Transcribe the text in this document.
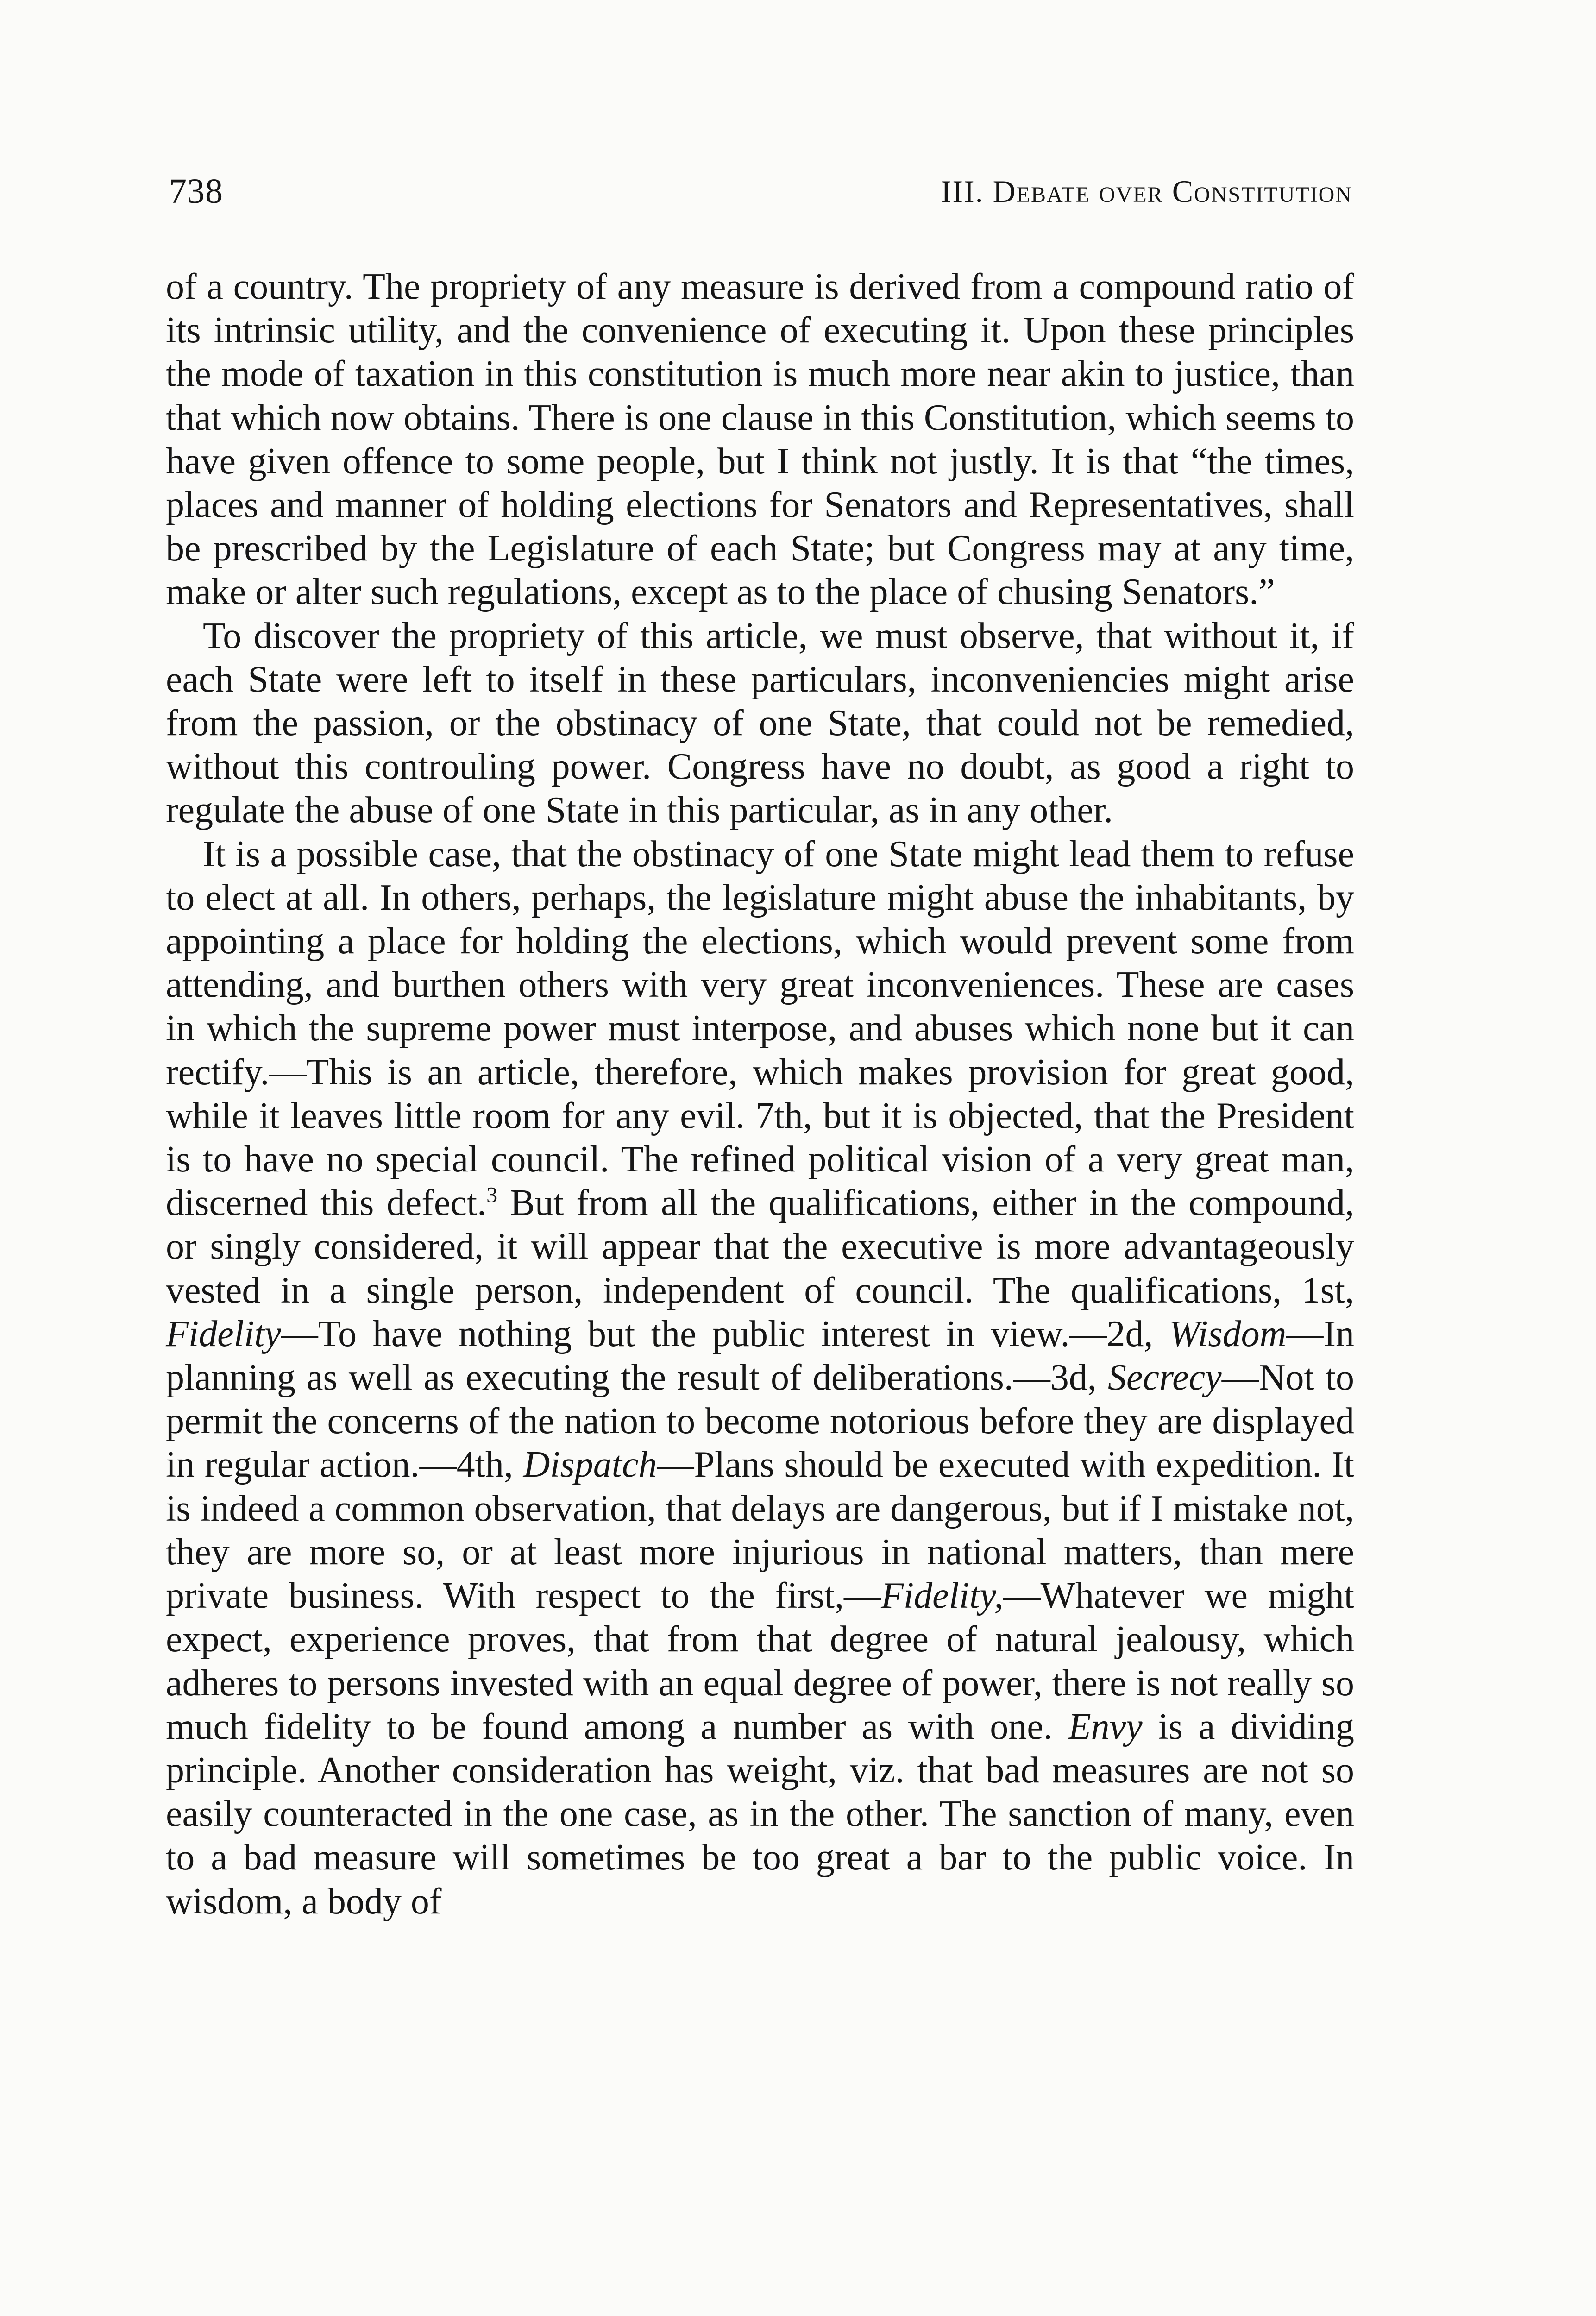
738	III. Debate over Constitution

of a country. The propriety of any measure is derived from a compound ratio of its intrinsic utility, and the convenience of executing it. Upon these principles the mode of taxation in this constitution is much more near akin to justice, than that which now obtains. There is one clause in this Constitution, which seems to have given offence to some people, but I think not justly. It is that “the times, places and manner of holding elections for Senators and Representatives, shall be prescribed by the Legislature of each State; but Congress may at any time, make or alter such regulations, except as to the place of chusing Senators.”

To discover the propriety of this article, we must observe, that without it, if each State were left to itself in these particulars, inconveniencies might arise from the passion, or the obstinacy of one State, that could not be remedied, without this controuling power. Congress have no doubt, as good a right to regulate the abuse of one State in this particular, as in any other.

It is a possible case, that the obstinacy of one State might lead them to refuse to elect at all. In others, perhaps, the legislature might abuse the inhabitants, by appointing a place for holding the elections, which would prevent some from attending, and burthen others with very great inconveniences. These are cases in which the supreme power must interpose, and abuses which none but it can rectify.—This is an article, therefore, which makes provision for great good, while it leaves little room for any evil. 7th, but it is objected, that the President is to have no special council. The refined political vision of a very great man, discerned this defect.$^3$ But from all the qualifications, either in the compound, or singly considered, it will appear that the executive is more advantageously vested in a single person, independent of council. The qualifications, 1st, Fidelity—To have nothing but the public interest in view.—2d, Wisdom—In planning as well as executing the result of deliberations.—3d, Secrecy—Not to permit the concerns of the nation to become notorious before they are displayed in regular action.—4th, Dispatch—Plans should be executed with expedition. It is indeed a common observation, that delays are dangerous, but if I mistake not, they are more so, or at least more injurious in national matters, than mere private business. With respect to the first,—Fidelity,—Whatever we might expect, experience proves, that from that degree of natural jealousy, which adheres to persons invested with an equal degree of power, there is not really so much fidelity to be found among a number as with one. Envy is a dividing principle. Another consideration has weight, viz. that bad measures are not so easily counteracted in the one case, as in the other. The sanction of many, even to a bad measure will sometimes be too great a bar to the public voice. In wisdom, a body of
